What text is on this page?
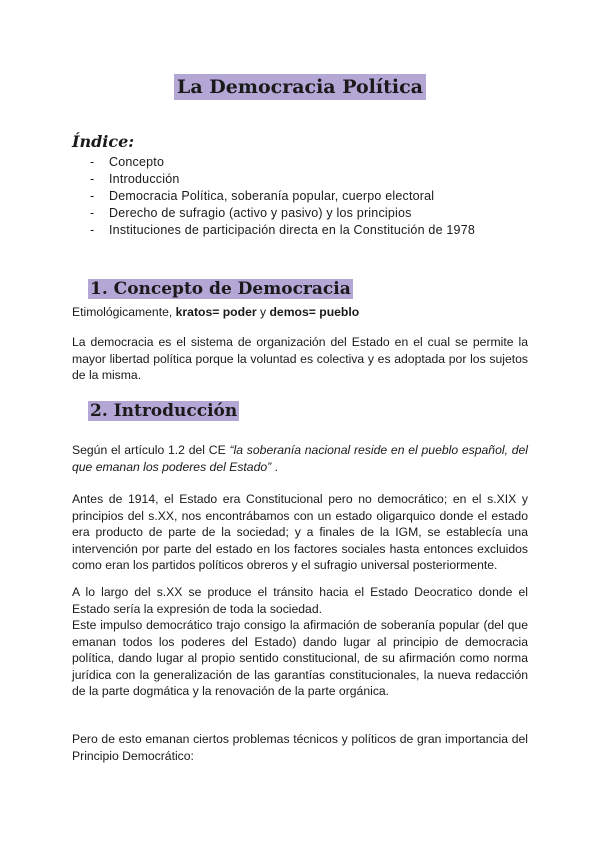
La Democracia Política
Índice:
- Concepto
- Introducción
- Democracia Política, soberanía popular, cuerpo electoral
- Derecho de sufragio (activo y pasivo) y los principios
- Instituciones de participación directa en la Constitución de 1978
1. Concepto de Democracia

Etimológicamente, kratos= poder y demos= pueblo

La democracia es el sistema de organización del Estado en el cual se permite la mayor libertad política porque la voluntad es colectiva y es adoptada por los sujetos de la misma.

2. Introducción

Según el artículo 1.2 del CE “la soberanía nacional reside en el pueblo español, del que emanan los poderes del Estado” .

Antes de 1914, el Estado era Constitucional pero no democrático; en el s.XIX y principios del s.XX, nos encontrábamos con un estado oligarquico donde el estado era producto de parte de la sociedad; y a finales de la IGM, se establecía una intervención por parte del estado en los factores sociales hasta entonces excluidos como eran los partidos políticos obreros y el sufragio universal posteriormente.

A lo largo del s.XX se produce el tránsito hacia el Estado Deocratico donde el Estado sería la expresión de toda la sociedad.

Este impulso democrático trajo consigo la afirmación de soberanía popular (del que emanan todos los poderes del Estado) dando lugar al principio de democracia política, dando lugar al propio sentido constitucional, de su afirmación como norma jurídica con la generalización de las garantías constitucionales, la nueva redacción de la parte dogmática y la renovación de la parte orgánica.

Pero de esto emanan ciertos problemas técnicos y políticos de gran importancia del Principio Democrático:
